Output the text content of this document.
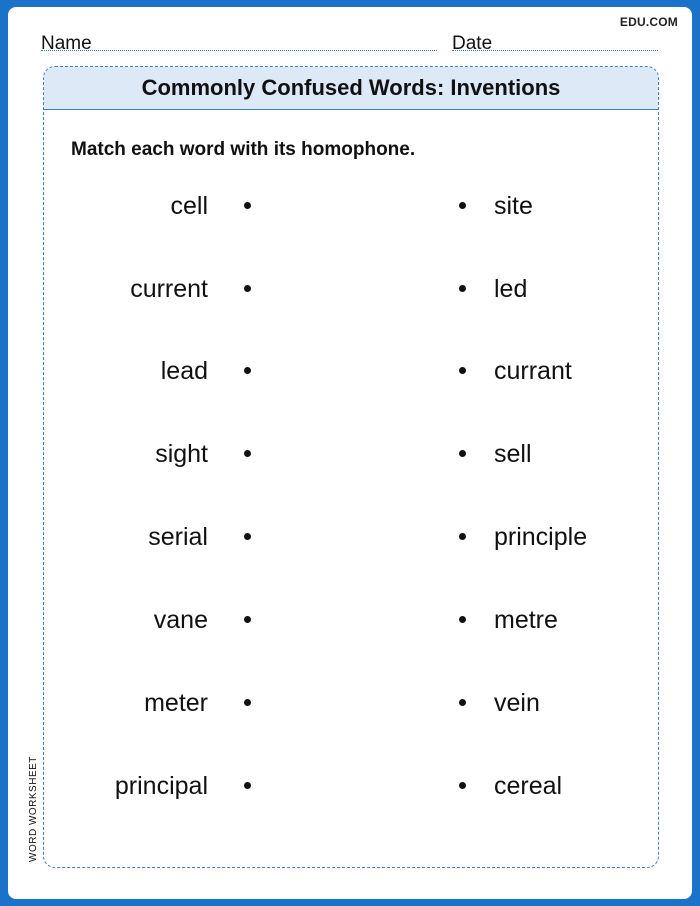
EDU.COM
Name	Date
Commonly Confused Words: Inventions
Match each word with its homophone.
cell	site
current	led
lead	currant
sight	sell
serial	principle
vane	metre
meter	vein
principal	cereal
WORD WORKSHEET
